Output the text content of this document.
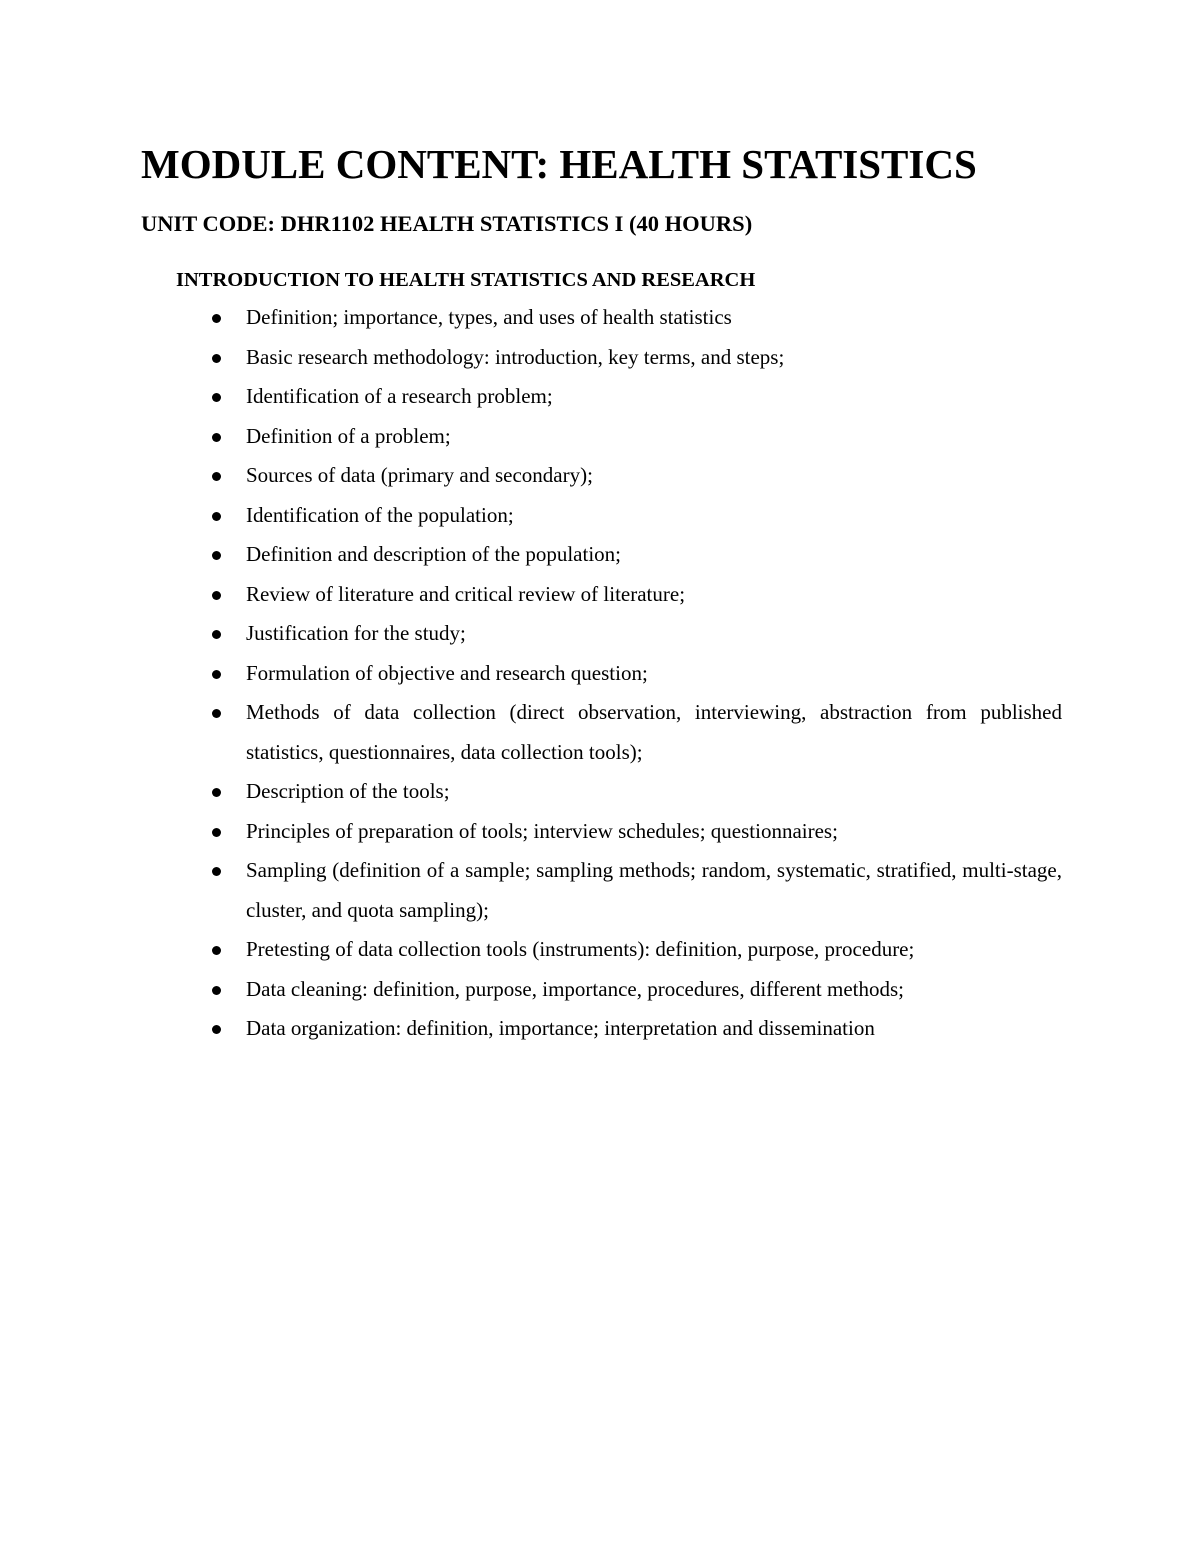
MODULE CONTENT: HEALTH STATISTICS
UNIT CODE: DHR1102 HEALTH STATISTICS I (40 HOURS)
INTRODUCTION TO HEALTH STATISTICS AND RESEARCH
Definition; importance, types, and uses of health statistics
Basic research methodology: introduction, key terms, and steps;
Identification of a research problem;
Definition of a problem;
Sources of data (primary and secondary);
Identification of the population;
Definition and description of the population;
Review of literature and critical review of literature;
Justification for the study;
Formulation of objective and research question;
Methods of data collection (direct observation, interviewing, abstraction from published statistics, questionnaires, data collection tools);
Description of the tools;
Principles of preparation of tools; interview schedules; questionnaires;
Sampling (definition of a sample; sampling methods; random, systematic, stratified, multi-stage, cluster, and quota sampling);
Pretesting of data collection tools (instruments): definition, purpose, procedure;
Data cleaning: definition, purpose, importance, procedures, different methods;
Data organization: definition, importance; interpretation and dissemination
